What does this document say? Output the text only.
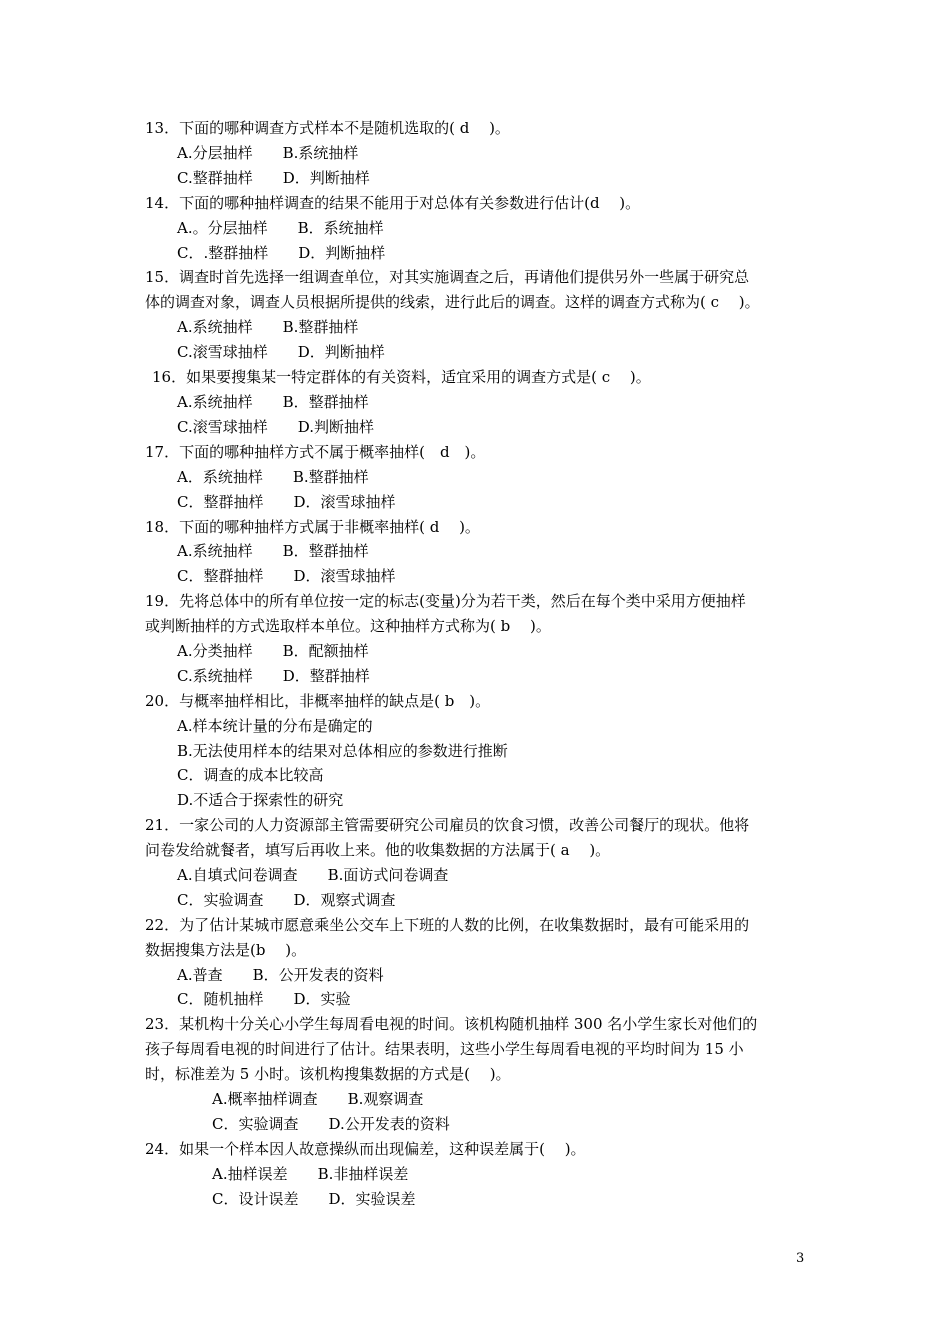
13．下面的哪种调查方式样本不是随机选取的( d　 )。
A.分层抽样　　B.系统抽样
C.整群抽样　　D．判断抽样
14．下面的哪种抽样调查的结果不能用于对总体有关参数进行估计(d　 )。
A.。分层抽样　　B．系统抽样
C．.整群抽样　　D．判断抽样
15．调查时首先选择一组调查单位，对其实施调查之后，再请他们提供另外一些属于研究总
体的调查对象，调查人员根据所提供的线索，进行此后的调查。这样的调查方式称为( c　 )。
A.系统抽样　　B.整群抽样
C.滚雪球抽样　　D．判断抽样
16．如果要搜集某一特定群体的有关资料，适宜采用的调查方式是( c　 )。
A.系统抽样　　B．整群抽样
C.滚雪球抽样　　D.判断抽样
17．下面的哪种抽样方式不属于概率抽样(　d　)。
A．系统抽样　　B.整群抽样
C．整群抽样　　D．滚雪球抽样
18．下面的哪种抽样方式属于非概率抽样( d　 )。
A.系统抽样　　B．整群抽样
C．整群抽样　　D．滚雪球抽样
19．先将总体中的所有单位按一定的标志(变量)分为若干类，然后在每个类中采用方便抽样
或判断抽样的方式选取样本单位。这种抽样方式称为( b　 )。
A.分类抽样　　B．配额抽样
C.系统抽样　　D．整群抽样
20．与概率抽样相比，非概率抽样的缺点是( b　)。
A.样本统计量的分布是确定的
B.无法使用样本的结果对总体相应的参数进行推断
C．调查的成本比较高
D.不适合于探索性的研究
21．一家公司的人力资源部主管需要研究公司雇员的饮食习惯，改善公司餐厅的现状。他将
问卷发给就餐者，填写后再收上来。他的收集数据的方法属于( a　 )。
A.自填式问卷调查　　B.面访式问卷调查
C．实验调查　　D．观察式调查
22．为了估计某城市愿意乘坐公交车上下班的人数的比例，在收集数据时，最有可能采用的
数据搜集方法是(b　 )。
A.普查　　B．公开发表的资料
C．随机抽样　　D．实验
23．某机构十分关心小学生每周看电视的时间。该机构随机抽样 300 名小学生家长对他们的
孩子每周看电视的时间进行了估计。结果表明，这些小学生每周看电视的平均时间为 15 小
时，标准差为 5 小时。该机构搜集数据的方式是(　 )。
A.概率抽样调查　　B.观察调查
C．实验调查　　D.公开发表的资料
24．如果一个样本因人故意操纵而出现偏差，这种误差属于(　 )。
A.抽样误差　　B.非抽样误差
C．设计误差　　D．实验误差
3
